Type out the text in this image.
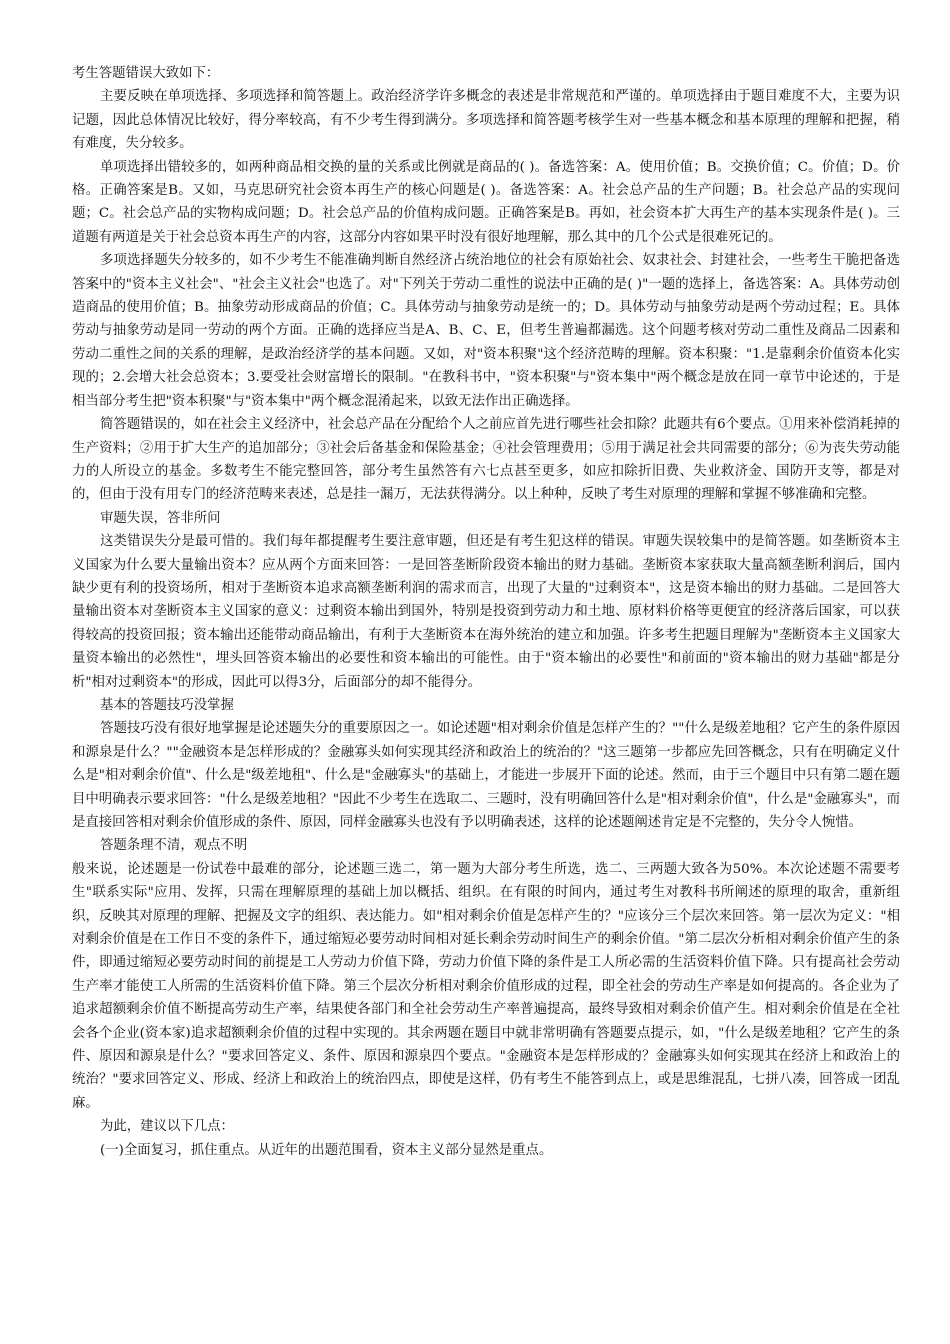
考生答题错误大致如下：

主要反映在单项选择、多项选择和简答题上。政治经济学许多概念的表述是非常规范和严谨的。单项选择由于题目难度不大，主要为识记题，因此总体情况比较好，得分率较高，有不少考生得到满分。多项选择和简答题考核学生对一些基本概念和基本原理的理解和把握，稍有难度，失分较多。

单项选择出错较多的，如两种商品相交换的量的关系或比例就是商品的( )。备选答案：A。使用价值；B。交换价值；C。价值；D。价格。正确答案是B。又如，马克思研究社会资本再生产的核心问题是( )。备选答案：A。社会总产品的生产问题；B。社会总产品的实现问题；C。社会总产品的实物构成问题；D。社会总产品的价值构成问题。正确答案是B。再如，社会资本扩大再生产的基本实现条件是( )。三道题有两道是关于社会总资本再生产的内容，这部分内容如果平时没有很好地理解，那么其中的几个公式是很难死记的。

多项选择题失分较多的，如不少考生不能准确判断自然经济占统治地位的社会有原始社会、奴隶社会、封建社会，一些考生干脆把备选答案中的"资本主义社会"、"社会主义社会"也选了。对"下列关于劳动二重性的说法中正确的是( )"一题的选择上，备选答案：A。具体劳动创造商品的使用价值；B。抽象劳动形成商品的价值；C。具体劳动与抽象劳动是统一的；D。具体劳动与抽象劳动是两个劳动过程；E。具体劳动与抽象劳动是同一劳动的两个方面。正确的选择应当是A、B、C、E，但考生普遍都漏选。这个问题考核对劳动二重性及商品二因素和劳动二重性之间的关系的理解，是政治经济学的基本问题。又如，对"资本积聚"这个经济范畴的理解。资本积聚："1.是靠剩余价值资本化实现的；2.会增大社会总资本；3.要受社会财富增长的限制。"在教科书中，"资本积聚"与"资本集中"两个概念是放在同一章节中论述的，于是相当部分考生把"资本积聚"与"资本集中"两个概念混淆起来，以致无法作出正确选择。

简答题错误的，如在社会主义经济中，社会总产品在分配给个人之前应首先进行哪些社会扣除？此题共有6个要点。①用来补偿消耗掉的生产资料；②用于扩大生产的追加部分；③社会后备基金和保险基金；④社会管理费用；⑤用于满足社会共同需要的部分；⑥为丧失劳动能力的人所设立的基金。多数考生不能完整回答，部分考生虽然答有六七点甚至更多，如应扣除折旧费、失业救济金、国防开支等，都是对的，但由于没有用专门的经济范畴来表述，总是挂一漏万，无法获得满分。以上种种，反映了考生对原理的理解和掌握不够准确和完整。

审题失误，答非所问

这类错误失分是最可惜的。我们每年都提醒考生要注意审题，但还是有考生犯这样的错误。审题失误较集中的是简答题。如垄断资本主义国家为什么要大量输出资本？应从两个方面来回答：一是回答垄断阶段资本输出的财力基础。垄断资本家获取大量高额垄断利润后，国内缺少更有利的投资场所，相对于垄断资本追求高额垄断利润的需求而言，出现了大量的"过剩资本"，这是资本输出的财力基础。二是回答大量输出资本对垄断资本主义国家的意义：过剩资本输出到国外，特别是投资到劳动力和土地、原材料价格等更便宜的经济落后国家，可以获得较高的投资回报；资本输出还能带动商品输出，有利于大垄断资本在海外统治的建立和加强。许多考生把题目理解为"垄断资本主义国家大量资本输出的必然性"，埋头回答资本输出的必要性和资本输出的可能性。由于"资本输出的必要性"和前面的"资本输出的财力基础"都是分析"相对过剩资本"的形成，因此可以得3分，后面部分的却不能得分。

基本的答题技巧没掌握

答题技巧没有很好地掌握是论述题失分的重要原因之一。如论述题"相对剩余价值是怎样产生的？""什么是级差地租？它产生的条件原因和源泉是什么？""金融资本是怎样形成的？金融寡头如何实现其经济和政治上的统治的？"这三题第一步都应先回答概念，只有在明确定义什么是"相对剩余价值"、什么是"级差地租"、什么是"金融寡头"的基础上，才能进一步展开下面的论述。然而，由于三个题目中只有第二题在题目中明确表示要求回答："什么是级差地租？"因此不少考生在选取二、三题时，没有明确回答什么是"相对剩余价值"，什么是"金融寡头"，而是直接回答相对剩余价值形成的条件、原因，同样金融寡头也没有予以明确表述，这样的论述题阐述肯定是不完整的，失分令人惋惜。

答题条理不清，观点不明

般来说，论述题是一份试卷中最难的部分，论述题三选二，第一题为大部分考生所选，选二、三两题大致各为50%。本次论述题不需要考生"联系实际"应用、发挥，只需在理解原理的基础上加以概括、组织。在有限的时间内，通过考生对教科书所阐述的原理的取舍，重新组织，反映其对原理的理解、把握及文字的组织、表达能力。如"相对剩余价值是怎样产生的？"应该分三个层次来回答。第一层次为定义："相对剩余价值是在工作日不变的条件下，通过缩短必要劳动时间相对延长剩余劳动时间生产的剩余价值。"第二层次分析相对剩余价值产生的条件，即通过缩短必要劳动时间的前提是工人劳动力价值下降，劳动力价值下降的条件是工人所必需的生活资料价值下降。只有提高社会劳动生产率才能使工人所需的生活资料价值下降。第三个层次分析相对剩余价值形成的过程，即全社会的劳动生产率是如何提高的。各企业为了追求超额剩余价值不断提高劳动生产率，结果使各部门和全社会劳动生产率普遍提高，最终导致相对剩余价值产生。相对剩余价值是在全社会各个企业(资本家)追求超额剩余价值的过程中实现的。其余两题在题目中就非常明确有答题要点提示，如，"什么是级差地租？它产生的条件、原因和源泉是什么？"要求回答定义、条件、原因和源泉四个要点。"金融资本是怎样形成的？金融寡头如何实现其在经济上和政治上的统治？"要求回答定义、形成、经济上和政治上的统治四点，即使是这样，仍有考生不能答到点上，或是思维混乱，七拼八凑，回答成一团乱麻。

为此，建议以下几点：

(一)全面复习，抓住重点。从近年的出题范围看，资本主义部分显然是重点。
